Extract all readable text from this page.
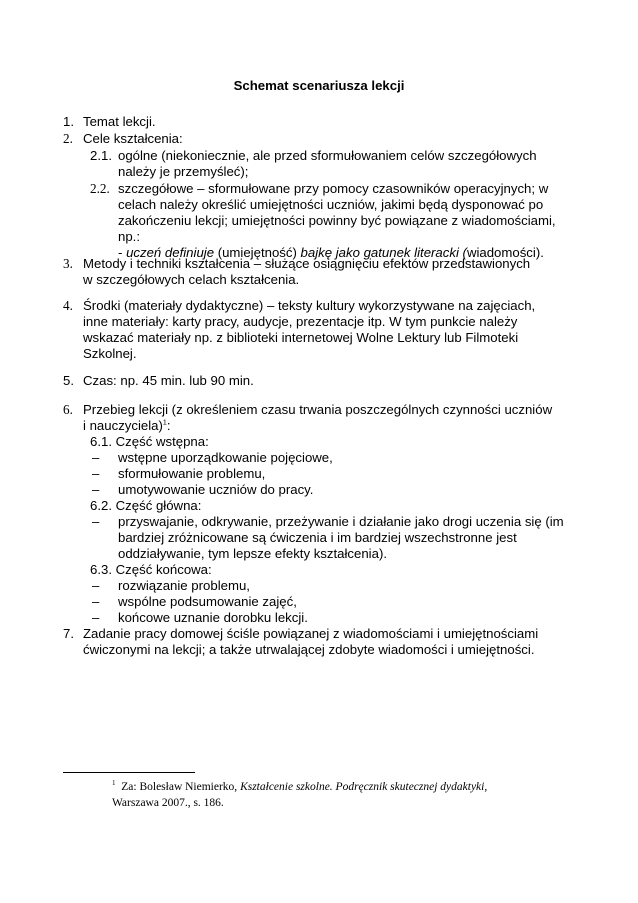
Schemat scenariusza lekcji
1. Temat lekcji.
2. Cele kształcenia:
2.1. ogólne (niekoniecznie, ale przed sformułowaniem celów szczegółowych
należy je przemyśleć);
2.2. szczegółowe – sformułowane przy pomocy czasowników operacyjnych; w
celach należy określić umiejętności uczniów, jakimi będą dysponować po
zakończeniu lekcji; umiejętności powinny być powiązane z wiadomościami,
np.:
- uczeń definiuje (umiejętność) bajkę jako gatunek literacki (wiadomości).
3. Metody i techniki kształcenia – służące osiągnięciu efektów przedstawionych
w szczegółowych celach kształcenia.
4. Środki (materiały dydaktyczne) – teksty kultury wykorzystywane na zajęciach,
inne materiały: karty pracy, audycje, prezentacje itp. W tym punkcie należy
wskazać materiały np. z biblioteki internetowej Wolne Lektury lub Filmoteki
Szkolnej.
5. Czas: np. 45 min. lub 90 min.
6. Przebieg lekcji (z określeniem czasu trwania poszczególnych czynności uczniów
i nauczyciela)$^1$:
6.1. Część wstępna:
– wstępne uporządkowanie pojęciowe,
– sformułowanie problemu,
– umotywowanie uczniów do pracy.
6.2. Część główna:
– przyswajanie, odkrywanie, przeżywanie i działanie jako drogi uczenia się (im
bardziej zróżnicowane są ćwiczenia i im bardziej wszechstronne jest
oddziaływanie, tym lepsze efekty kształcenia).
6.3. Część końcowa:
– rozwiązanie problemu,
– wspólne podsumowanie zajęć,
– końcowe uznanie dorobku lekcji.
7. Zadanie pracy domowej ściśle powiązanej z wiadomościami i umiejętnościami
ćwiczonymi na lekcji; a także utrwalającej zdobyte wiadomości i umiejętności.
$^1$  Za: Bolesław Niemierko, Kształcenie szkolne. Podręcznik skutecznej dydaktyki,
Warszawa 2007., s. 186.
